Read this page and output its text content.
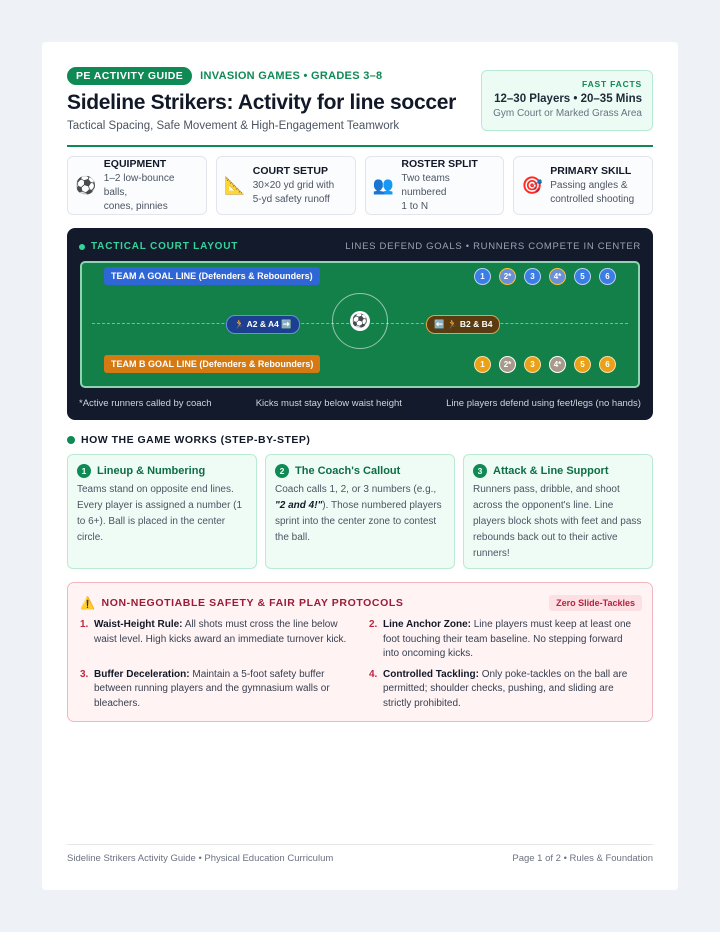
PE ACTIVITY GUIDE	INVASION GAMES • GRADES 3–8
Sideline Strikers: Activity for line soccer
Tactical Spacing, Safe Movement & High-Engagement Teamwork
FAST FACTS
12–30 Players • 20–35 Mins
Gym Court or Marked Grass Area
⚽
EQUIPMENT
1–2 low-bounce balls,
cones, pinnies
📐
COURT SETUP
30×20 yd grid with
5-yd safety runoff
👥
ROSTER SPLIT
Two teams numbered
1 to N
🎯
PRIMARY SKILL
Passing angles &
controlled shooting
TACTICAL COURT LAYOUT	LINES DEFEND GOALS • RUNNERS COMPETE IN CENTER
⚽
TEAM A GOAL LINE (Defenders & Rebounders)
TEAM B GOAL LINE (Defenders & Rebounders)
🏃 A2 & A4 ➡️	⬅️ 🏃 B2 & B4
1	2*	3	4*	5	6
1	2*	3	4*	5	6
*Active runners called by coach	Kicks must stay below waist height	Line players defend using feet/legs (no hands)
HOW THE GAME WORKS (STEP-BY-STEP)
1 Lineup & Numbering
Teams stand on opposite end lines. Every player is assigned a number (1 to 6+). Ball is placed in the center circle.
2 The Coach's Callout
Coach calls 1, 2, or 3 numbers (e.g., "2 and 4!"). Those numbered players sprint into the center zone to contest the ball.
3 Attack & Line Support
Runners pass, dribble, and shoot across the opponent's line. Line players block shots with feet and pass rebounds back out to their active runners!
⚠️ NON-NEGOTIABLE SAFETY & FAIR PLAY PROTOCOLS	Zero Slide-Tackles
1. Waist-Height Rule: All shots must cross the line below waist level. High kicks award an immediate turnover kick.
2. Line Anchor Zone: Line players must keep at least one foot touching their team baseline. No stepping forward into oncoming kicks.
3. Buffer Deceleration: Maintain a 5-foot safety buffer between running players and the gymnasium walls or bleachers.
4. Controlled Tackling: Only poke-tackles on the ball are permitted; shoulder checks, pushing, and sliding are strictly prohibited.
Sideline Strikers Activity Guide • Physical Education Curriculum	Page 1 of 2 • Rules & Foundation
